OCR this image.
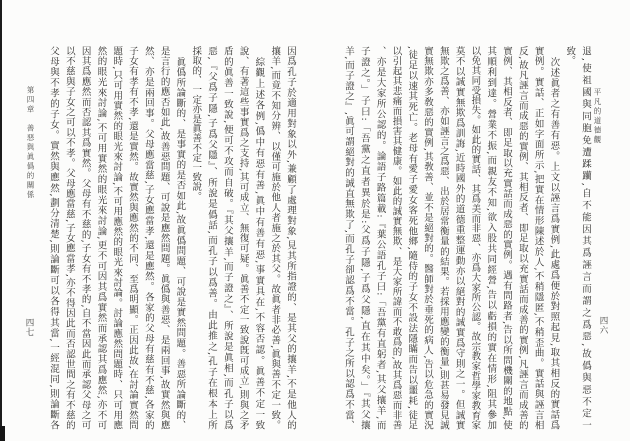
第四章　善惡與眞僞的關係
四七	因爲孔子於適用對象以外,兼顧了處理對象,見其所指證的、是其父的攘羊,不是他人的
攘羊,而竟不知分辨、以僅可施於他人者施之於其父。故眞者非必善,眞與善不定一致。
綜觀上述各例,僞中有惡有善,眞中有善有惡,事實具在,不容否認。眞善不定一致
說、有著這些事實爲之支持,其可成立、無復可疑。眞善不定一致說旣可成立,則與之矛
盾的眞善一致說,便可不攻而自破。『其父攘羊,而子證之』、所說是眞相,而孔子以爲
惡,『父爲子隱,子爲父隱』、所說是僞話,而孔子以爲善。由此推之,孔子在根本上所
採取的、一定亦是眞善不定一致說。
眞僞所論斷的、是事實的是否如此,故眞僞問題、可說是實然問題。善惡所論斷的、
是言行的應否如此,故善惡問題、可說是應然問題。眞僞與善惡、是兩回事,故實然與應
然、亦是兩回事。父母應當慈,子女應當孝,還是應然。各家的父母有慈有不慈,各家的
子女有孝有不孝,還是實然。故實然與應然的不同、至爲明顯。正因此故,在討論實然問
題時,只可用實然的眼光來討論,不可用應然的眼光來討論。討論應然問題時、只可用應
然的眼光來討論,不可用實然的眼光來討論,更不可因其爲實然而承認其爲應然,亦不可
因其爲應然而否認其爲實然。父母有不慈的,子女有不孝的,自不當因此而承認父母之可
以不慈與子女之可以不孝。父母應當慈,子女應當孝,亦不得因此而否認世間之有不慈的
父母與不孝的子女。實然與應然,劃分清楚,則論斷可以各得其當,一經混同,則論斷各	平凡的道德觀
四六
退,使祖國與同胞免遭蹂躪,自不能因其爲誣言而謂之爲惡,故僞與惡不定一
致。
次述眞者之有善有惡。上文以誣言爲實例,此處爲便於對照起見,取其相反的實話爲
實例。實話、正如字面所示,把實在情形陳述於人,不稍隱匿,不稍歪曲。實話與誣言相
反,故凡誣言而成惡的實例、其相反者、即足取以充實話而成善的實例,凡誣言而成善的
實例、其相反者、即足取以充實話而成惡的實例。遇有問路者,告以所問機關的地點,使
其順利到達。營業不振,而親友不知,欲入股共同經營,告以虧損的實在情形,阻其參加
以免其同受損失。如此的實話、其爲美而非惡、亦爲大家所公認。故宗教家哲學家教育家
莫不以誠實無欺爲訓誨,近時國外的道德重整運動亦以絕對的誠實爲守則之一。但誠實
無欺之爲善、亦如誣言之爲惡、出於居常衡量的結果。若採用應變的衡量,則甚易發見誠
實無欺亦多敎惡的實例,其敎善、並不是絕對的。醫師對於垂死的病人,告以危急的實況
,徒足以速其死亡。老母有愛子愛女客死他鄉,隨侍的子女不設法隱瞞而告以噩耗,徒足
以引起其悲痛而損害其健康。如此的誠實無欺、是大家所諱而不敢爲的,故其爲惡而非善
、亦是大家所公認的。論語子路篇載:『葉公語孔子曰:「吾黨有直躬者,其父攘羊,而
子證之。」子曰:「吾黨之直者異於是:父爲子隱,子爲父隱,直在其中矣。」『其父攘
羊,而子證之』,眞可謂絕對的誠直無欺了,而孔子卻認爲不當。孔子之所以認爲不當、
